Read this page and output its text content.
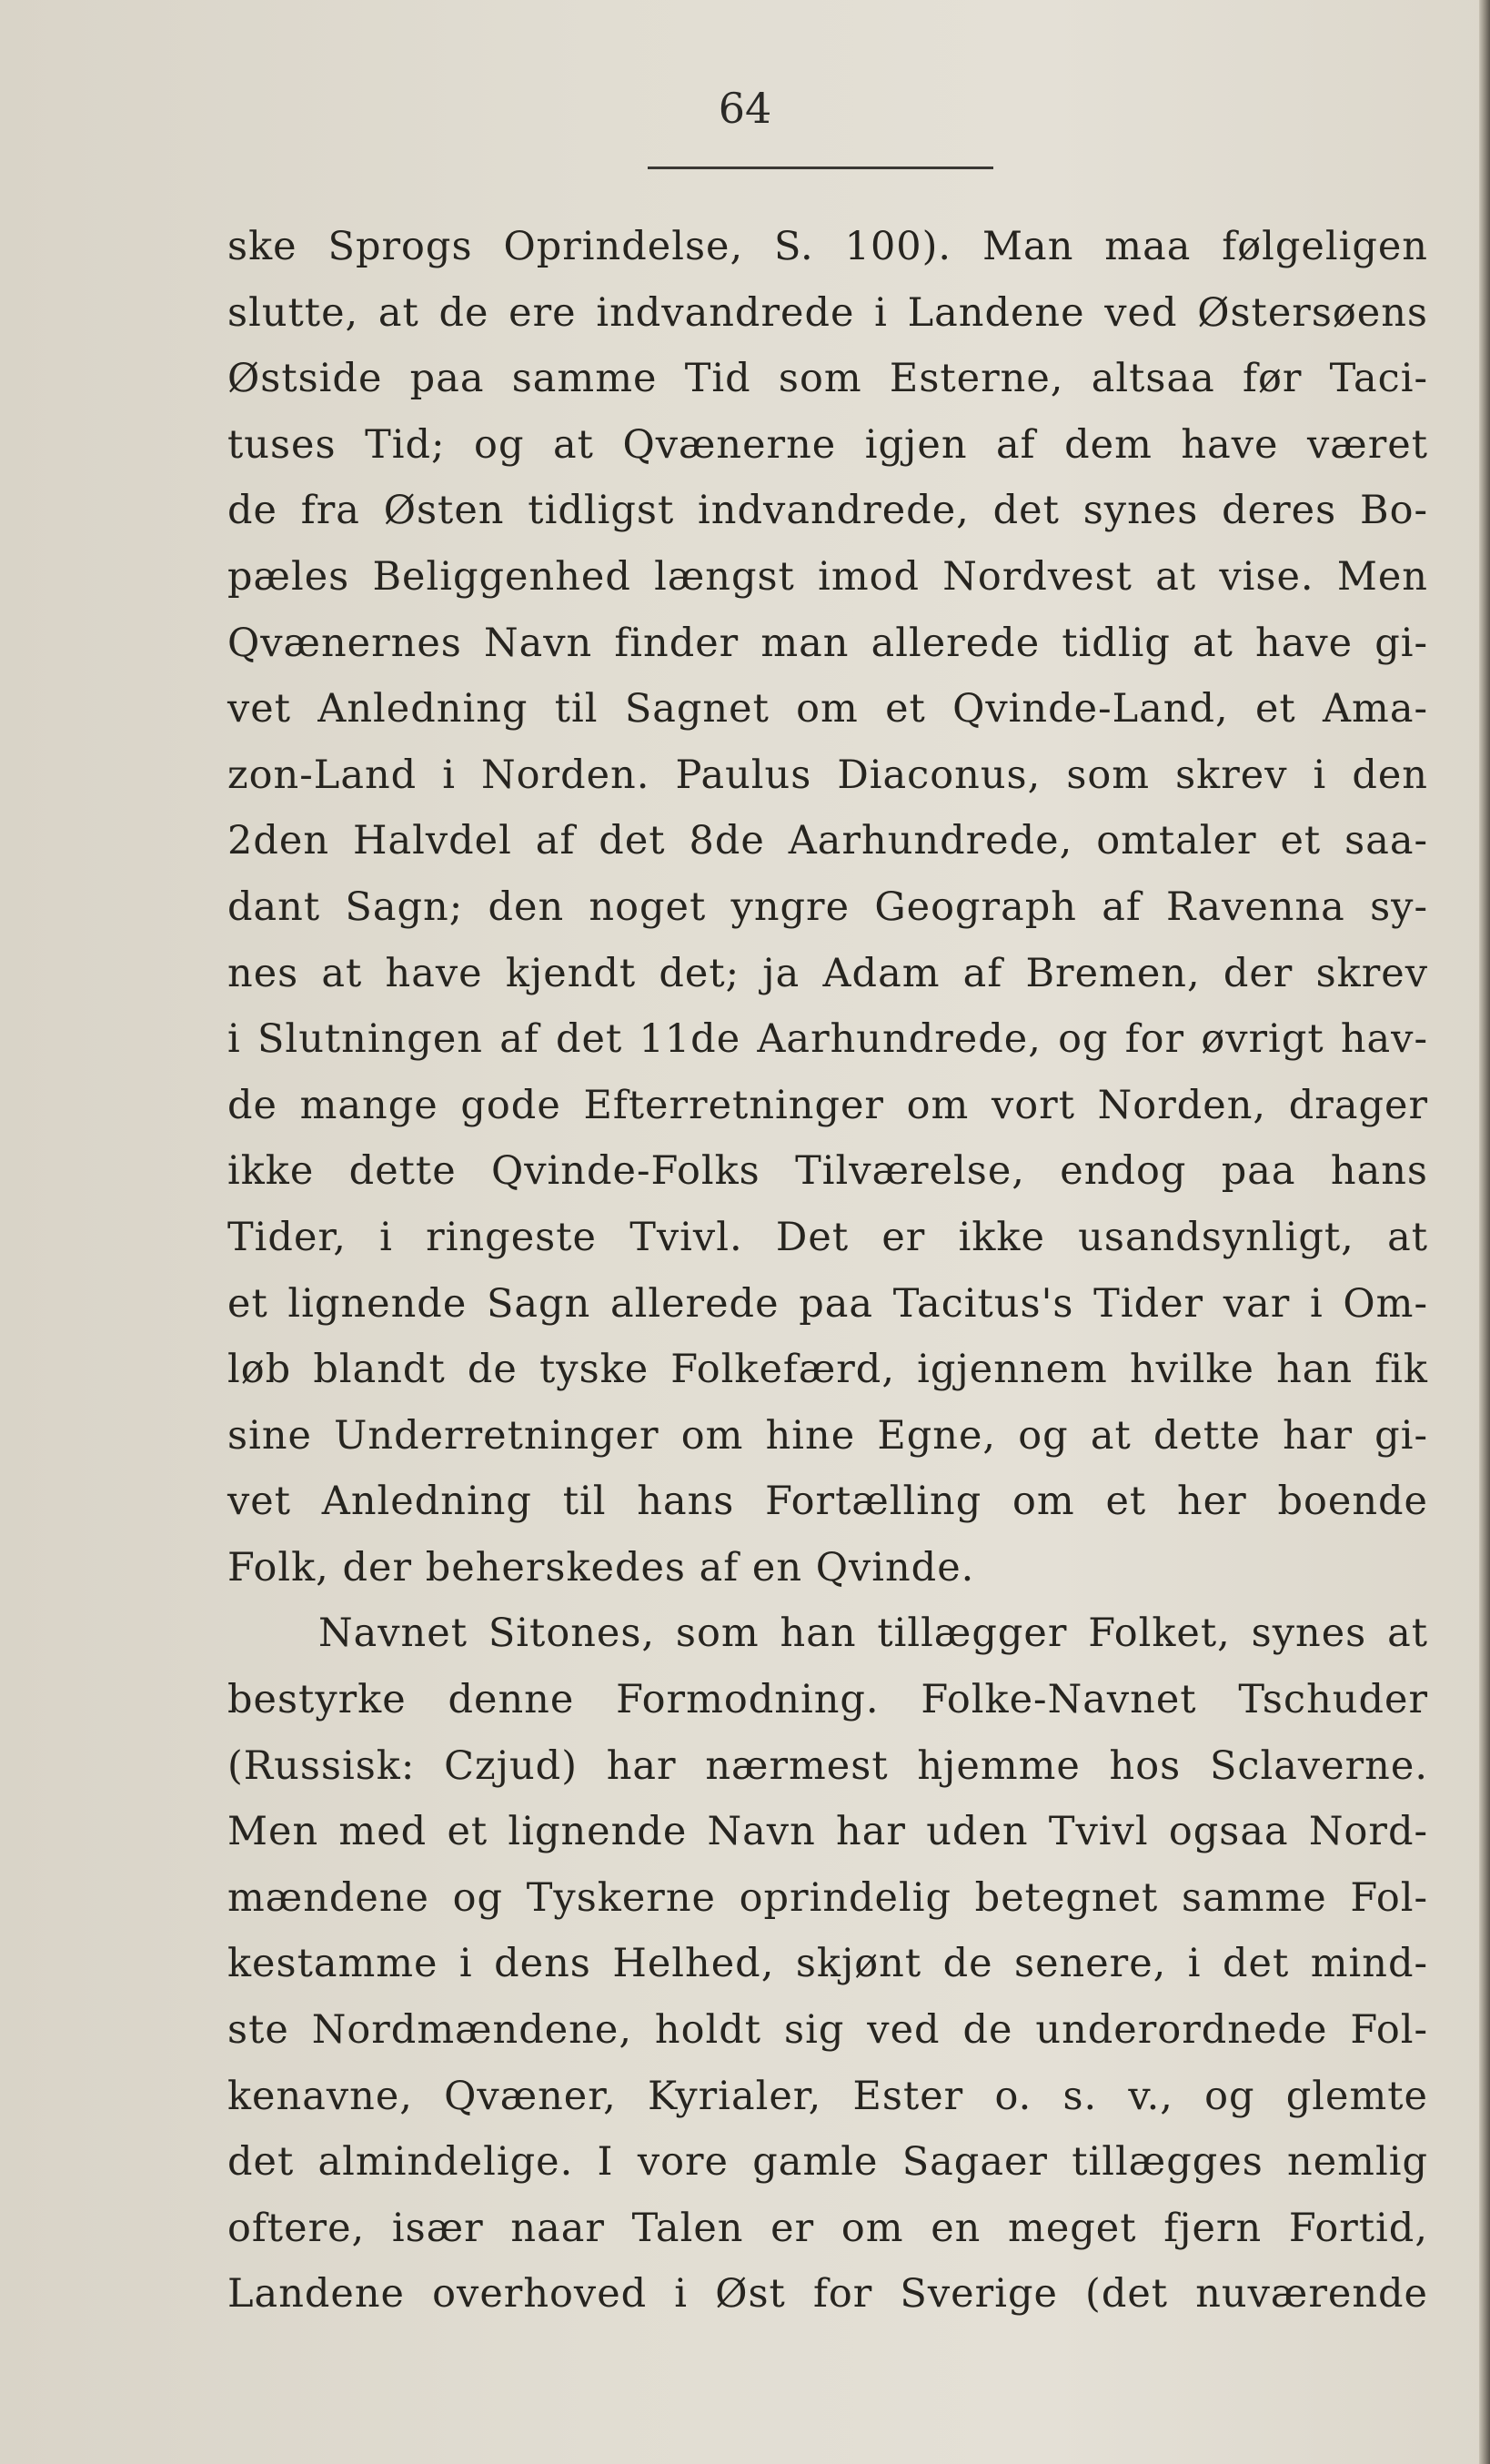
64
ske Sprogs Oprindelse, S. 100). Man maa følgeligen
slutte, at de ere indvandrede i Landene ved Østersøens
Østside paa samme Tid som Esterne, altsaa før Taci-
tuses Tid; og at Qvænerne igjen af dem have været
de fra Østen tidligst indvandrede, det synes deres Bo-
pæles Beliggenhed længst imod Nordvest at vise. Men
Qvænernes Navn finder man allerede tidlig at have gi-
vet Anledning til Sagnet om et Qvinde-Land, et Ama-
zon-Land i Norden. Paulus Diaconus, som skrev i den
2den Halvdel af det 8de Aarhundrede, omtaler et saa-
dant Sagn; den noget yngre Geograph af Ravenna sy-
nes at have kjendt det; ja Adam af Bremen, der skrev
i Slutningen af det 11de Aarhundrede, og for øvrigt hav-
de mange gode Efterretninger om vort Norden, drager
ikke dette Qvinde-Folks Tilværelse, endog paa hans
Tider, i ringeste Tvivl. Det er ikke usandsynligt, at
et lignende Sagn allerede paa Tacitus's Tider var i Om-
løb blandt de tyske Folkefærd, igjennem hvilke han fik
sine Underretninger om hine Egne, og at dette har gi-
vet Anledning til hans Fortælling om et her boende
Folk, der beherskedes af en Qvinde.
Navnet Sitones, som han tillægger Folket, synes at
bestyrke denne Formodning. Folke-Navnet Tschuder
(Russisk: Czjud) har nærmest hjemme hos Sclaverne.
Men med et lignende Navn har uden Tvivl ogsaa Nord-
mændene og Tyskerne oprindelig betegnet samme Fol-
kestamme i dens Helhed, skjønt de senere, i det mind-
ste Nordmændene, holdt sig ved de underordnede Fol-
kenavne, Qvæner, Kyrialer, Ester o. s. v., og glemte
det almindelige. I vore gamle Sagaer tillægges nemlig
oftere, især naar Talen er om en meget fjern Fortid,
Landene overhoved i Øst for Sverige (det nuværende
